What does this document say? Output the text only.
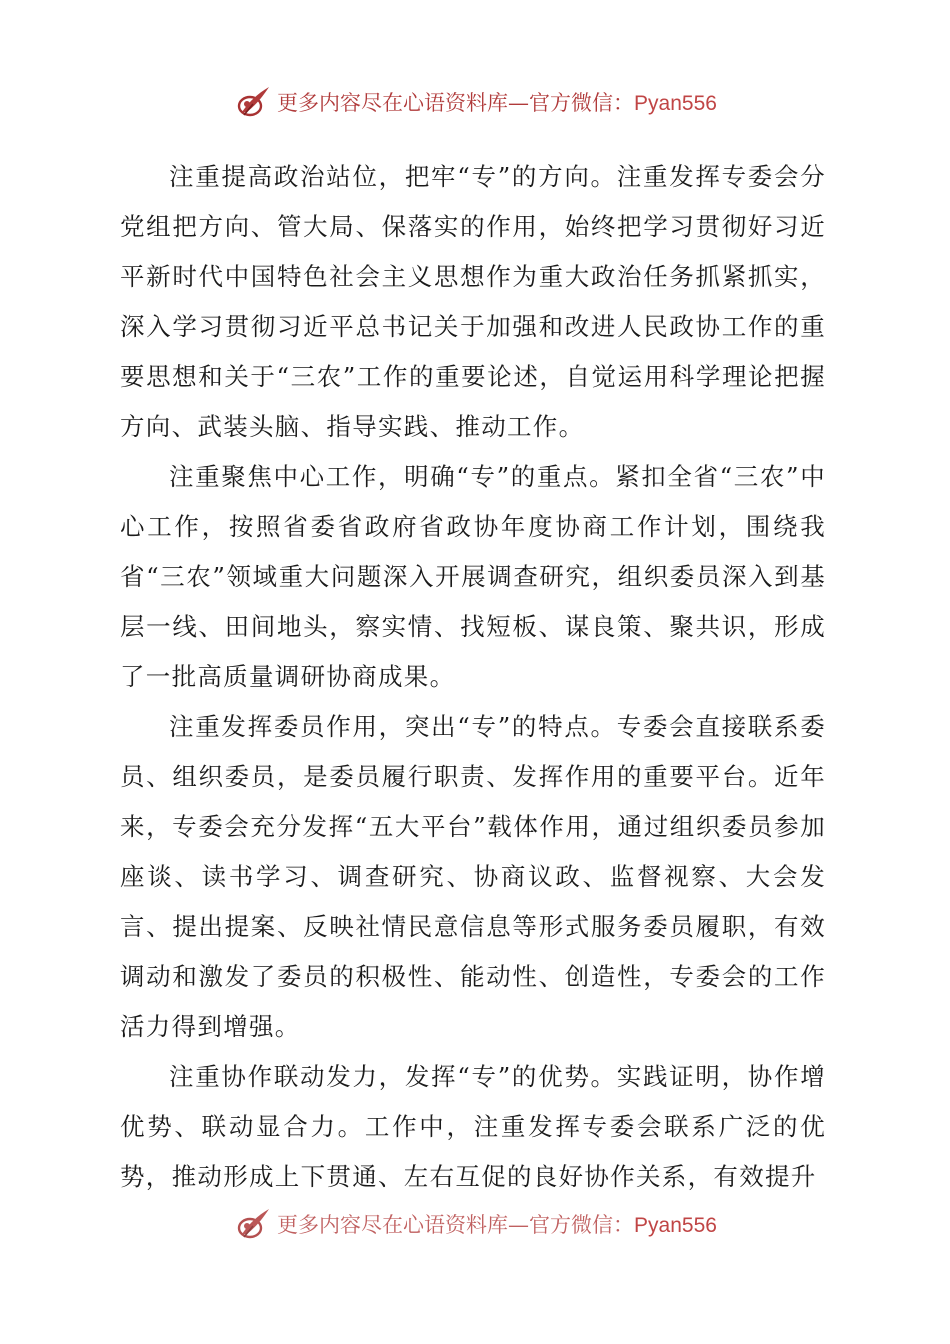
更多内容尽在心语资料库—官方微信：Pyan556

注重提高政治站位，把牢“专”的方向。注重发挥专委会分党组把方向、管大局、保落实的作用，始终把学习贯彻好习近平新时代中国特色社会主义思想作为重大政治任务抓紧抓实，深入学习贯彻习近平总书记关于加强和改进人民政协工作的重要思想和关于“三农”工作的重要论述，自觉运用科学理论把握方向、武装头脑、指导实践、推动工作。

注重聚焦中心工作，明确“专”的重点。紧扣全省“三农”中心工作，按照省委省政府省政协年度协商工作计划，围绕我省“三农”领域重大问题深入开展调查研究，组织委员深入到基层一线、田间地头，察实情、找短板、谋良策、聚共识，形成了一批高质量调研协商成果。

注重发挥委员作用，突出“专”的特点。专委会直接联系委员、组织委员，是委员履行职责、发挥作用的重要平台。近年来，专委会充分发挥“五大平台”载体作用，通过组织委员参加座谈、读书学习、调查研究、协商议政、监督视察、大会发言、提出提案、反映社情民意信息等形式服务委员履职，有效调动和激发了委员的积极性、能动性、创造性，专委会的工作活力得到增强。

注重协作联动发力，发挥“专”的优势。实践证明，协作增优势、联动显合力。工作中，注重发挥专委会联系广泛的优势，推动形成上下贯通、左右互促的良好协作关系，有效提升

更多内容尽在心语资料库—官方微信：Pyan556
